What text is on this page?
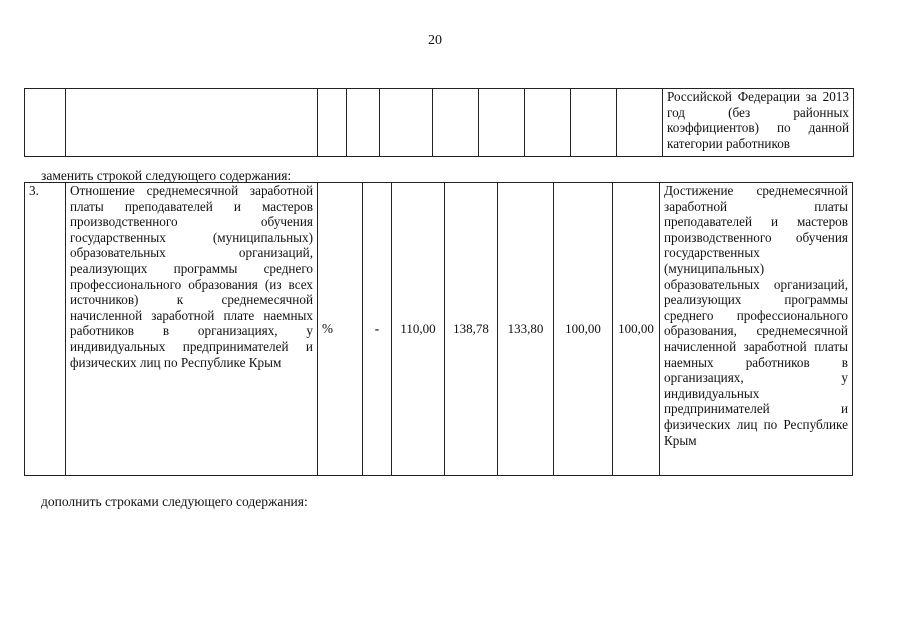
20
										Российской Федерации за 2013 год (без районных коэффициентов) по данной категории работников
заменить строкой следующего содержания:
3.	Отношение среднемесячной заработной платы преподавателей и мастеров производственного обучения государственных (муниципальных) образовательных организаций, реализующих программы среднего профессионального образования (из всех источников) к среднемесячной начисленной заработной плате наемных работников в организациях, у индивидуальных предпринимателей и физических лиц по Республике Крым	%	-	110,00	138,78	133,80	100,00	100,00	Достижение среднемесячной заработной платы преподавателей и мастеров производственного обучения государственных (муниципальных) образовательных организаций, реализующих программы среднего профессионального образования, среднемесячной начисленной заработной платы наемных работников в организациях, у индивидуальных предпринимателей и физических лиц по Республике Крым
дополнить строками следующего содержания:
